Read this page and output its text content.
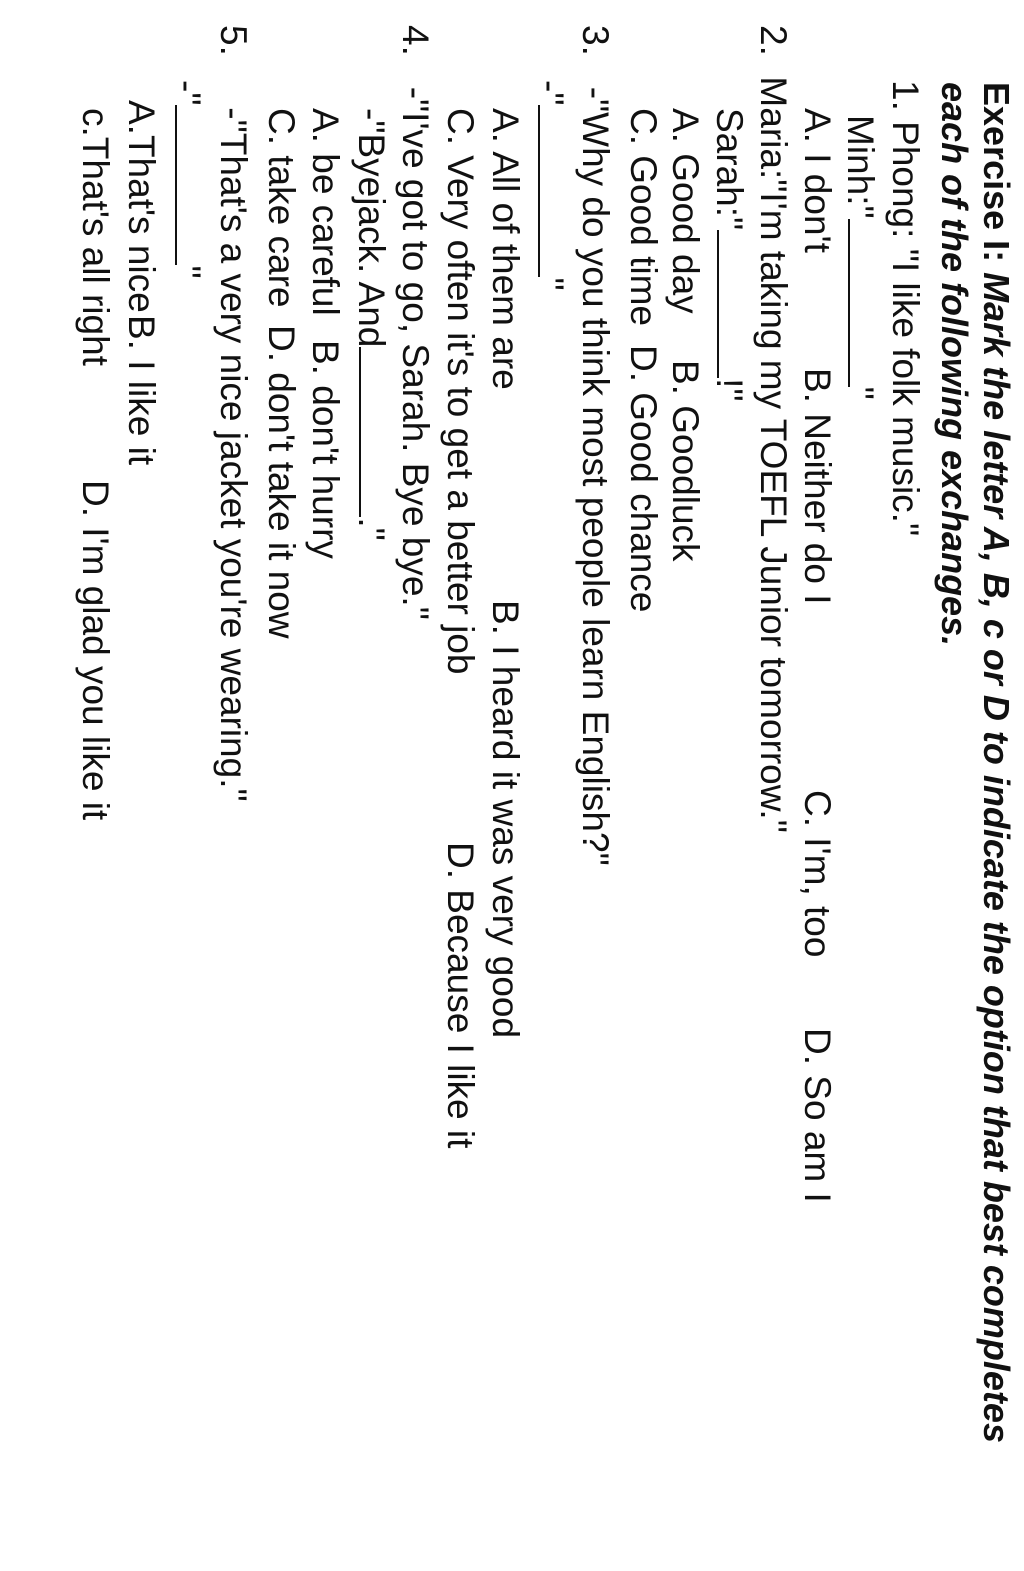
Exercise I: Mark the letter A, B, c or D to indicate the option that best completes
each of the following exchanges.
1. Phong: "I like folk music."
Minh:""
A. I don't
B. Neither do I
C. I'm, too
D. So am I
2.  Maria:"I'm taking my TOEFL Junior tomorrow."
Sarah:"!"
A. Good day
B. Goodluck
C. Good time
D. Good chance
3.   -"Why do you think most people learn English?"
-""
A. All of them are
B. I heard it was very good
C. Very often it's to get a better job
D. Because I like it
4.   -"I've got to go, Sarah. Bye bye."
-"Byejack. And."
A. be careful
B. don't hurry
C. take care
D. don't take it now
5.     -"That's a very nice jacket you're wearing."
-""
A.That's nice
B. I like it
c.That's all right
D. I'm glad you like it
